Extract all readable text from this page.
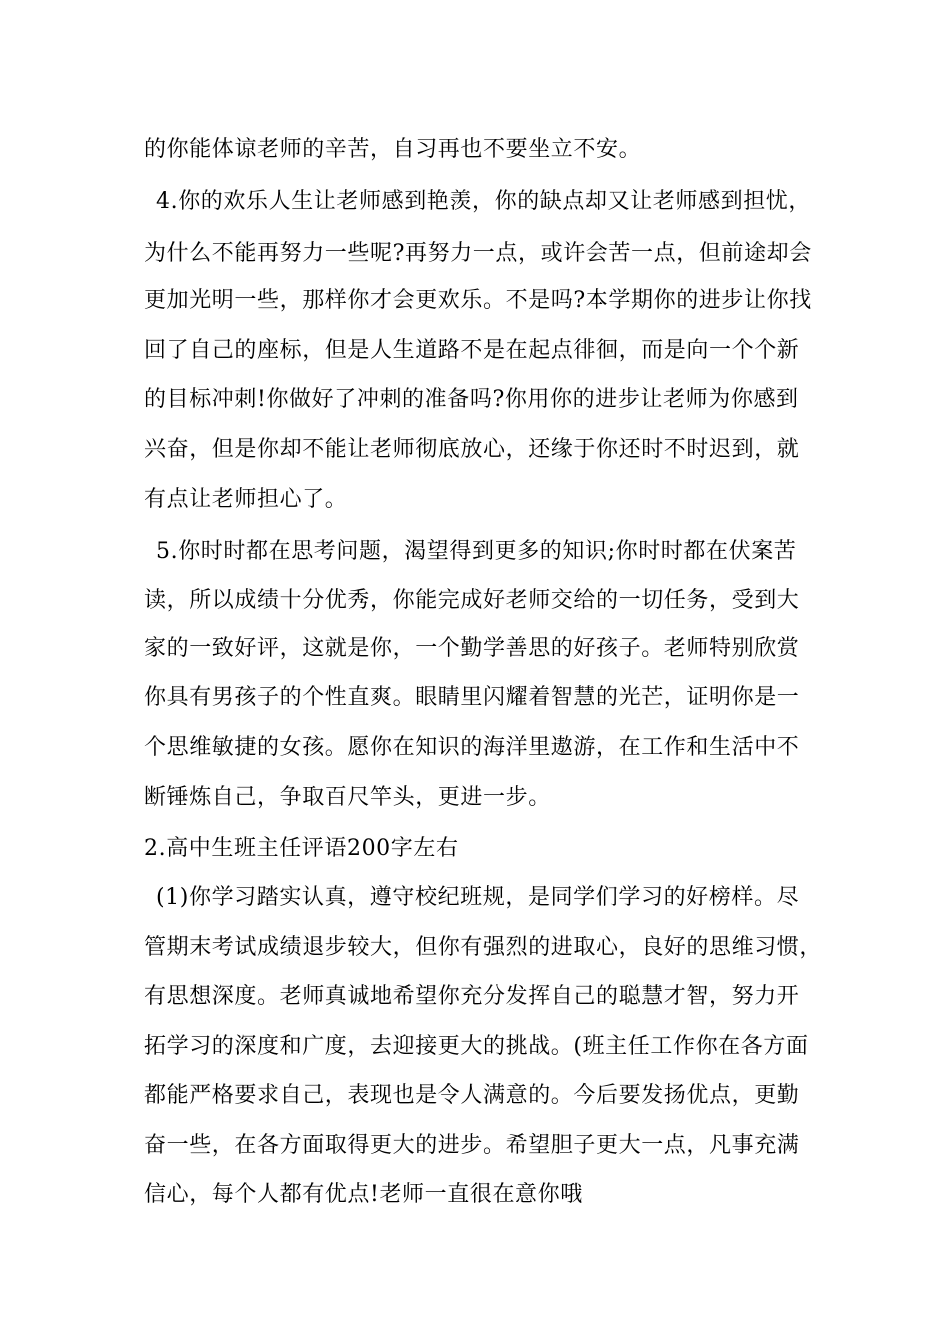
的你能体谅老师的辛苦，自习再也不要坐立不安。
4.你的欢乐人生让老师感到艳羡，你的缺点却又让老师感到担忧，
为什么不能再努力一些呢?再努力一点，或许会苦一点，但前途却会
更加光明一些，那样你才会更欢乐。不是吗?本学期你的进步让你找
回了自己的座标，但是人生道路不是在起点徘徊，而是向一个个新
的目标冲刺!你做好了冲刺的准备吗?你用你的进步让老师为你感到
兴奋，但是你却不能让老师彻底放心，还缘于你还时不时迟到，就
有点让老师担心了。
5.你时时都在思考问题，渴望得到更多的知识;你时时都在伏案苦
读，所以成绩十分优秀，你能完成好老师交给的一切任务，受到大
家的一致好评，这就是你，一个勤学善思的好孩子。老师特别欣赏
你具有男孩子的个性直爽。眼睛里闪耀着智慧的光芒，证明你是一
个思维敏捷的女孩。愿你在知识的海洋里遨游，在工作和生活中不
断锤炼自己，争取百尺竿头，更进一步。
2.高中生班主任评语200字左右
(1)你学习踏实认真，遵守校纪班规，是同学们学习的好榜样。尽
管期末考试成绩退步较大，但你有强烈的进取心，良好的思维习惯，
有思想深度。老师真诚地希望你充分发挥自己的聪慧才智，努力开
拓学习的深度和广度，去迎接更大的挑战。(班主任工作你在各方面
都能严格要求自己，表现也是令人满意的。今后要发扬优点，更勤
奋一些，在各方面取得更大的进步。希望胆子更大一点，凡事充满
信心，每个人都有优点!老师一直很在意你哦
